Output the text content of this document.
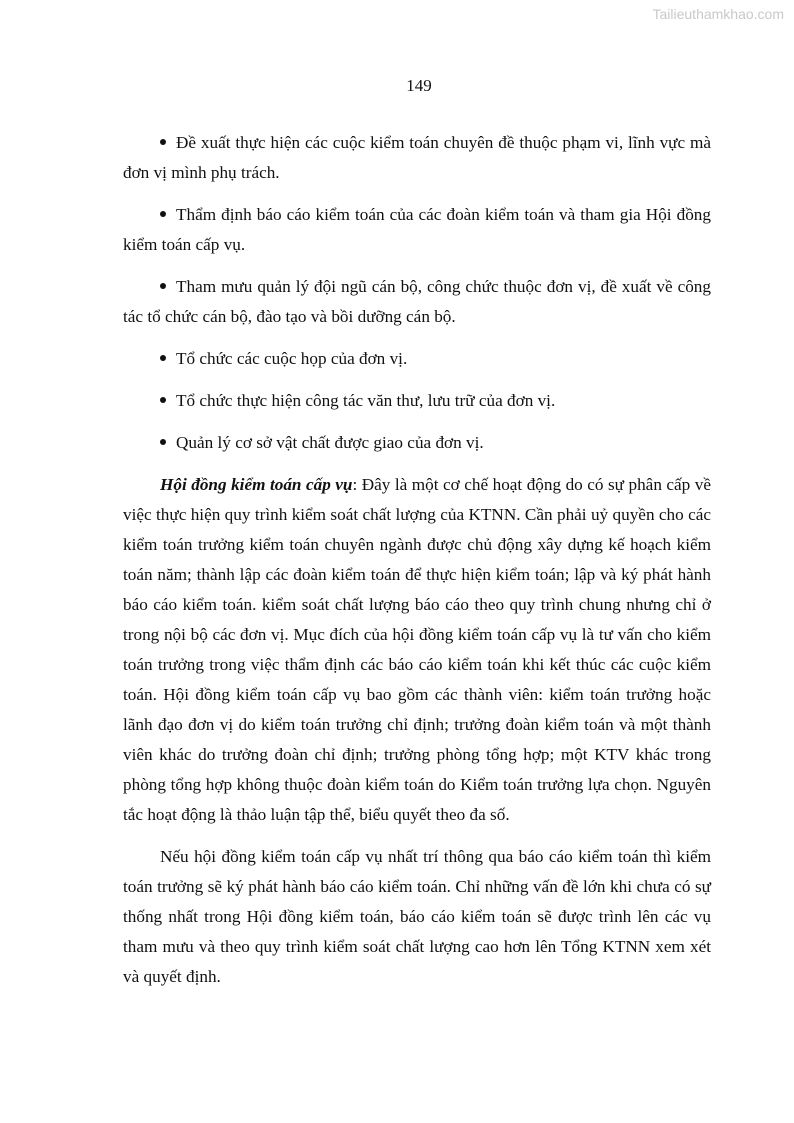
Tailieuthamkhao.com
149

Đề xuất thực hiện các cuộc kiểm toán chuyên đề thuộc phạm vi, lĩnh vực mà đơn vị mình phụ trách.

Thẩm định báo cáo kiểm toán của các đoàn kiểm toán và tham gia Hội đồng kiểm toán cấp vụ.

Tham mưu quản lý đội ngũ cán bộ, công chức thuộc đơn vị, đề xuất về công tác tổ chức cán bộ, đào tạo và bồi dưỡng cán bộ.

Tổ chức các cuộc họp của đơn vị.

Tổ chức thực hiện công tác văn thư, lưu trữ của đơn vị.

Quản lý cơ sở vật chất được giao của đơn vị.

Hội đồng kiểm toán cấp vụ: Đây là một cơ chế hoạt động do có sự phân cấp về việc thực hiện quy trình kiểm soát chất lượng của KTNN. Cần phải uỷ quyền cho các kiểm toán trưởng kiểm toán chuyên ngành được chủ động xây dựng kế hoạch kiểm toán năm; thành lập các đoàn kiểm toán để thực hiện kiểm toán; lập và ký phát hành báo cáo kiểm toán. kiểm soát chất lượng báo cáo theo quy trình chung nhưng chỉ ở trong nội bộ các đơn vị. Mục đích của hội đồng kiểm toán cấp vụ là tư vấn cho kiểm toán trưởng trong việc thẩm định các báo cáo kiểm toán khi kết thúc các cuộc kiểm toán. Hội đồng kiểm toán cấp vụ bao gồm các thành viên: kiểm toán trưởng hoặc lãnh đạo đơn vị do kiểm toán trưởng chỉ định; trưởng đoàn kiểm toán và một thành viên khác do trưởng đoàn chỉ định; trưởng phòng tổng hợp; một KTV khác trong phòng tổng hợp không thuộc đoàn kiểm toán do Kiểm toán trưởng lựa chọn. Nguyên tắc hoạt động là thảo luận tập thể, biểu quyết theo đa số.

Nếu hội đồng kiểm toán cấp vụ nhất trí thông qua báo cáo kiểm toán thì kiểm toán trưởng sẽ ký phát hành báo cáo kiểm toán. Chỉ những vấn đề lớn khi chưa có sự thống nhất trong Hội đồng kiểm toán, báo cáo kiểm toán sẽ được trình lên các vụ tham mưu và theo quy trình kiểm soát chất lượng cao hơn lên Tổng KTNN xem xét và quyết định.
